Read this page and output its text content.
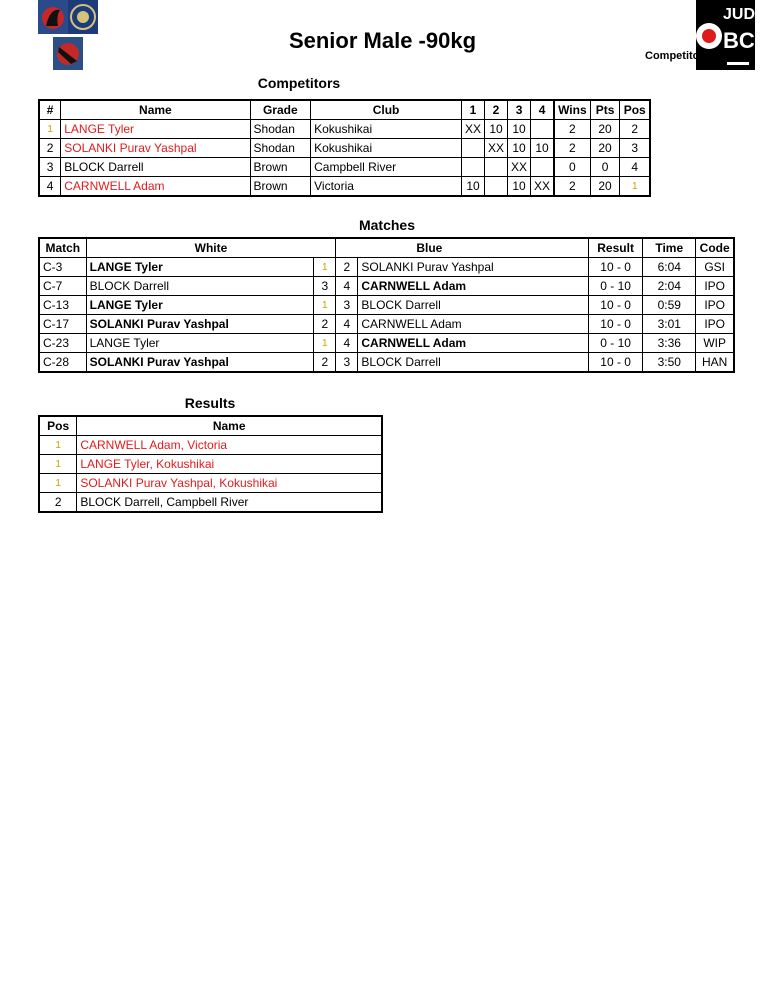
JUDO
BC
Senior Male -90kg
Competitors: 4
Competitors
#	Name	Grade	Club	1	2	3	4	Wins	Pts	Pos
1	LANGE Tyler	Shodan	Kokushikai	XX	10	10		2	20	2
2	SOLANKI Purav Yashpal	Shodan	Kokushikai		XX	10	10	2	20	3
3	BLOCK Darrell	Brown	Campbell River			XX		0	0	4
4	CARNWELL Adam	Brown	Victoria	10		10	XX	2	20	1
Matches
Match	White		Blue		Result	Time	Code
C-3	LANGE Tyler	1	2	SOLANKI Purav Yashpal	10 - 0	6:04	GSI
C-7	BLOCK Darrell	3	4	CARNWELL Adam	0 - 10	2:04	IPO
C-13	LANGE Tyler	1	3	BLOCK Darrell	10 - 0	0:59	IPO
C-17	SOLANKI Purav Yashpal	2	4	CARNWELL Adam	10 - 0	3:01	IPO
C-23	LANGE Tyler	1	4	CARNWELL Adam	0 - 10	3:36	WIP
C-28	SOLANKI Purav Yashpal	2	3	BLOCK Darrell	10 - 0	3:50	HAN
Results
Pos	Name
1	CARNWELL Adam, Victoria
1	LANGE Tyler, Kokushikai
1	SOLANKI Purav Yashpal, Kokushikai
2	BLOCK Darrell, Campbell River
